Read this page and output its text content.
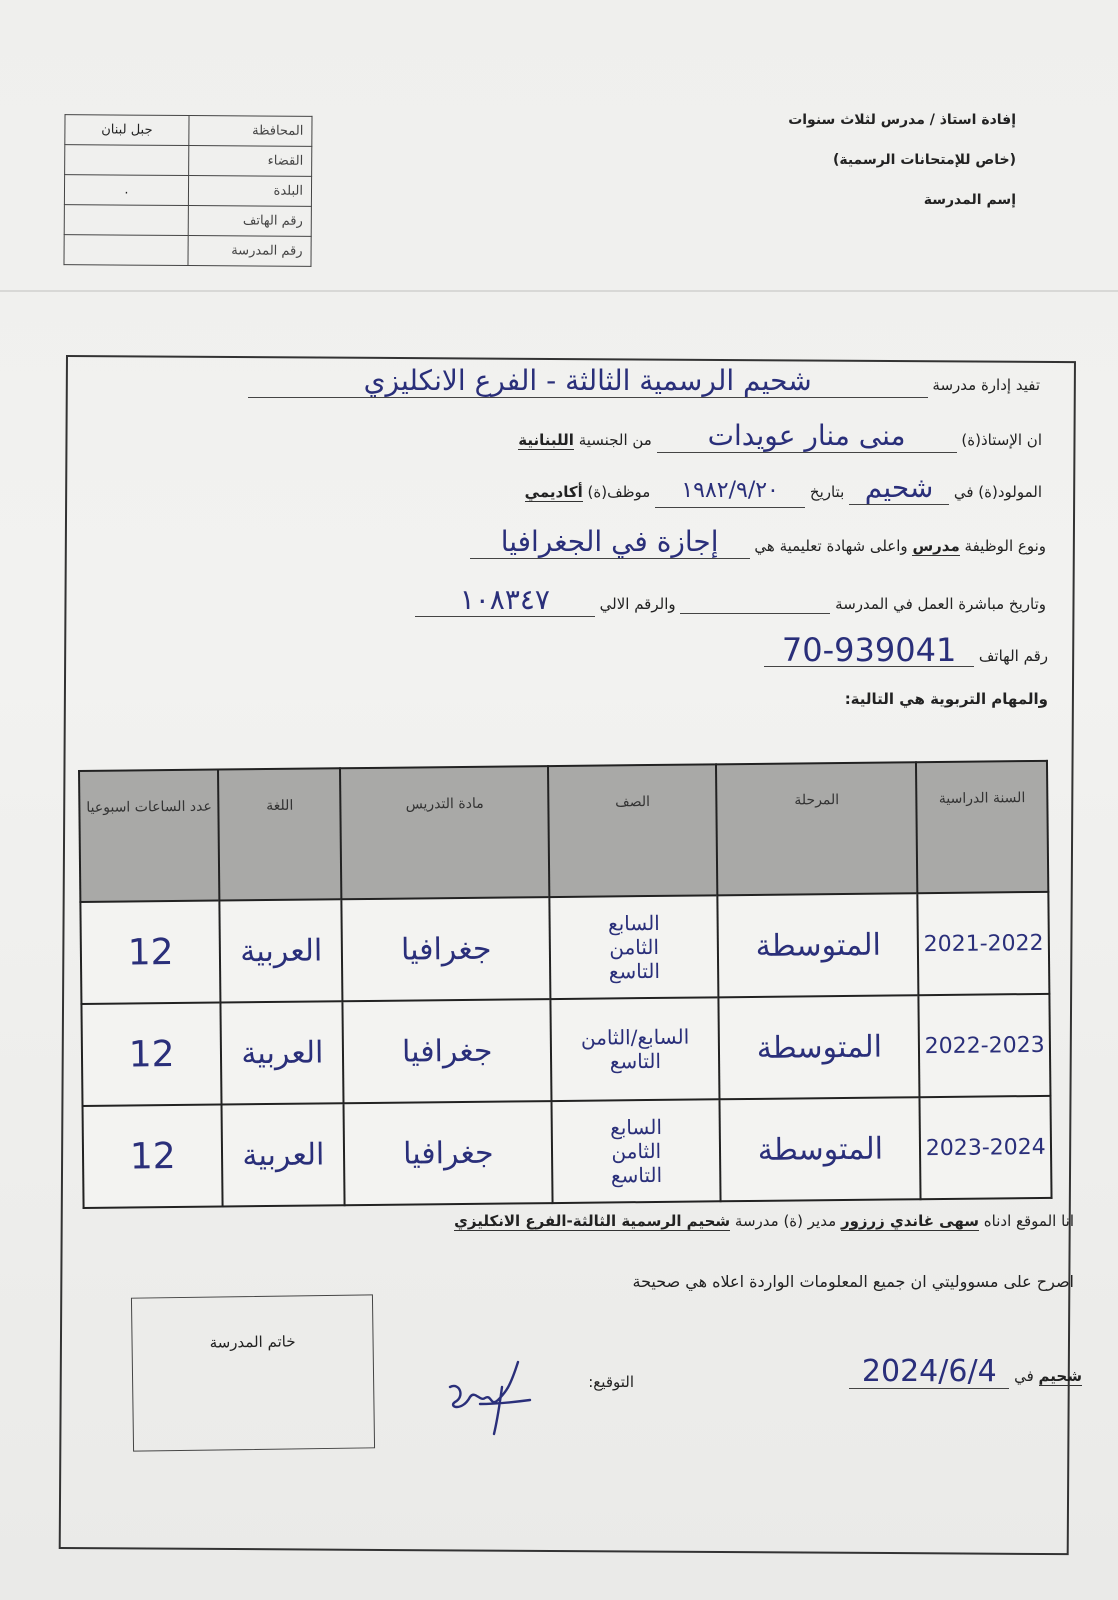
جبل لبنان	المحافظة
	القضاء
.	البلدة
	رقم الهاتف
	رقم المدرسة
إفادة استاذ / مدرس لثلاث سنوات
(خاص للإمتحانات الرسمية)
إسم المدرسة
تفيد إدارة مدرسة شحيم الرسمية الثالثة - الفرع الانكليزي
ان الإستاذ(ة) منى منار عويدات من الجنسية اللبنانية
المولود(ة) في شحيم بتاريخ ١٩٨٢/٩/٢٠ موظف(ة) أكاديمي
ونوع الوظيفة مدرس واعلى شهادة تعليمية هي إجازة في الجغرافيا
وتاريخ مباشرة العمل في المدرسة   والرقم الالي ١٠٨٣٤٧
رقم الهاتف 70-939041
والمهام التربوية هي التالية:
السنة الدراسية	المرحلة	الصف	مادة التدريس	اللغة	عدد الساعات اسبوعيا
2021-2022	المتوسطة	السابع
الثامن
التاسع	جغرافيا	العربية	12
2022-2023	المتوسطة	السابع/الثامن
التاسع	جغرافيا	العربية	12
2023-2024	المتوسطة	السابع
الثامن
التاسع	جغرافيا	العربية	12
انا الموقع ادناه سهى غاندي زرزور مدير (ة) مدرسة شحيم الرسمية الثالثة-الفرع الانكليزي
اصرح على مسووليتي ان جميع المعلومات الواردة اعلاه هي صحيحة
خاتم المدرسة
التوقيع:	شحيم في 2024/6/4
